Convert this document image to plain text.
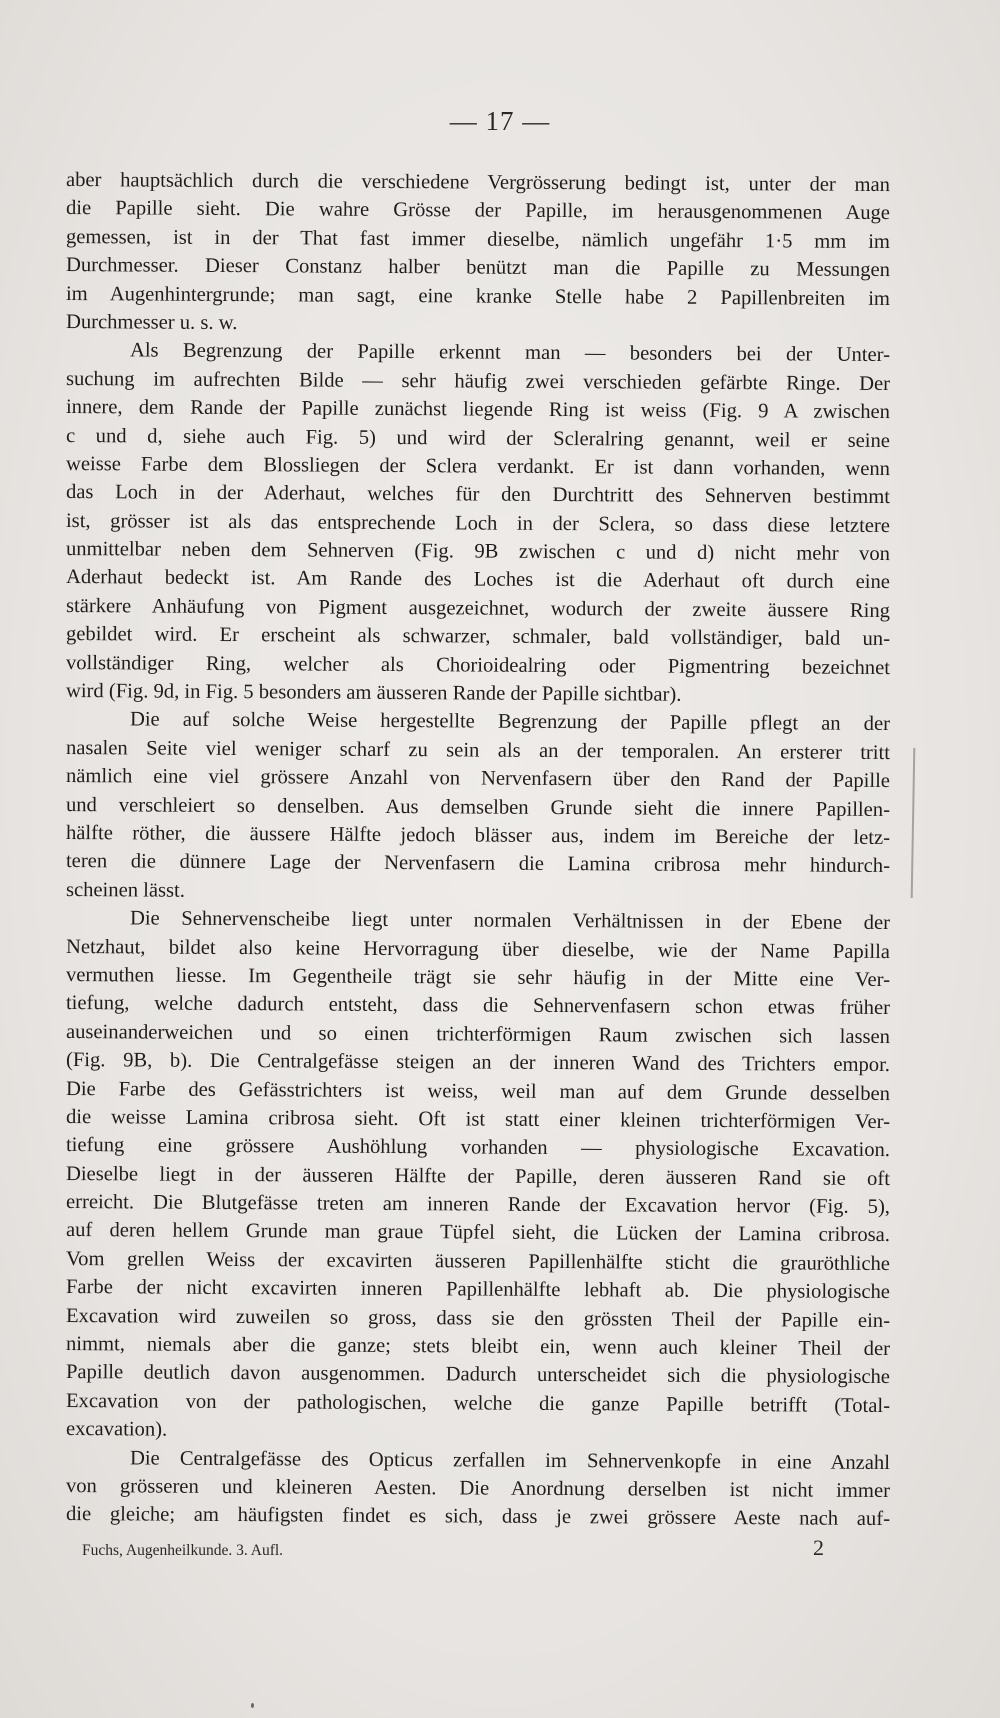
— 17 —
aber hauptsächlich durch die verschiedene Vergrösserung bedingt ist, unter der man
die Papille sieht. Die wahre Grösse der Papille, im herausgenommenen Auge
gemessen, ist in der That fast immer dieselbe, nämlich ungefähr 1·5 mm im
Durchmesser. Dieser Constanz halber benützt man die Papille zu Messungen
im Augenhintergrunde; man sagt, eine kranke Stelle habe 2 Papillenbreiten im
Durchmesser u. s. w.
Als Begrenzung der Papille erkennt man — besonders bei der Unter-
suchung im aufrechten Bilde — sehr häufig zwei verschieden gefärbte Ringe. Der
innere, dem Rande der Papille zunächst liegende Ring ist weiss (Fig. 9 A zwischen
c und d, siehe auch Fig. 5) und wird der Scleralring genannt, weil er seine
weisse Farbe dem Blossliegen der Sclera verdankt. Er ist dann vorhanden, wenn
das Loch in der Aderhaut, welches für den Durchtritt des Sehnerven bestimmt
ist, grösser ist als das entsprechende Loch in der Sclera, so dass diese letztere
unmittelbar neben dem Sehnerven (Fig. 9B zwischen c und d) nicht mehr von
Aderhaut bedeckt ist. Am Rande des Loches ist die Aderhaut oft durch eine
stärkere Anhäufung von Pigment ausgezeichnet, wodurch der zweite äussere Ring
gebildet wird. Er erscheint als schwarzer, schmaler, bald vollständiger, bald un-
vollständiger Ring, welcher als Chorioidealring oder Pigmentring bezeichnet
wird (Fig. 9d, in Fig. 5 besonders am äusseren Rande der Papille sichtbar).
Die auf solche Weise hergestellte Begrenzung der Papille pflegt an der
nasalen Seite viel weniger scharf zu sein als an der temporalen. An ersterer tritt
nämlich eine viel grössere Anzahl von Nervenfasern über den Rand der Papille
und verschleiert so denselben. Aus demselben Grunde sieht die innere Papillen-
hälfte röther, die äussere Hälfte jedoch blässer aus, indem im Bereiche der letz-
teren die dünnere Lage der Nervenfasern die Lamina cribrosa mehr hindurch-
scheinen lässt.
Die Sehnervenscheibe liegt unter normalen Verhältnissen in der Ebene der
Netzhaut, bildet also keine Hervorragung über dieselbe, wie der Name Papilla
vermuthen liesse. Im Gegentheile trägt sie sehr häufig in der Mitte eine Ver-
tiefung, welche dadurch entsteht, dass die Sehnervenfasern schon etwas früher
auseinanderweichen und so einen trichterförmigen Raum zwischen sich lassen
(Fig. 9B, b). Die Centralgefässe steigen an der inneren Wand des Trichters empor.
Die Farbe des Gefässtrichters ist weiss, weil man auf dem Grunde desselben
die weisse Lamina cribrosa sieht. Oft ist statt einer kleinen trichterförmigen Ver-
tiefung eine grössere Aushöhlung vorhanden — physiologische Excavation.
Dieselbe liegt in der äusseren Hälfte der Papille, deren äusseren Rand sie oft
erreicht. Die Blutgefässe treten am inneren Rande der Excavation hervor (Fig. 5),
auf deren hellem Grunde man graue Tüpfel sieht, die Lücken der Lamina cribrosa.
Vom grellen Weiss der excavirten äusseren Papillenhälfte sticht die grauröthliche
Farbe der nicht excavirten inneren Papillenhälfte lebhaft ab. Die physiologische
Excavation wird zuweilen so gross, dass sie den grössten Theil der Papille ein-
nimmt, niemals aber die ganze; stets bleibt ein, wenn auch kleiner Theil der
Papille deutlich davon ausgenommen. Dadurch unterscheidet sich die physiologische
Excavation von der pathologischen, welche die ganze Papille betrifft (Total-
excavation).
Die Centralgefässe des Opticus zerfallen im Sehnervenkopfe in eine Anzahl
von grösseren und kleineren Aesten. Die Anordnung derselben ist nicht immer
die gleiche; am häufigsten findet es sich, dass je zwei grössere Aeste nach auf-
Fuchs, Augenheilkunde. 3. Aufl.	2
